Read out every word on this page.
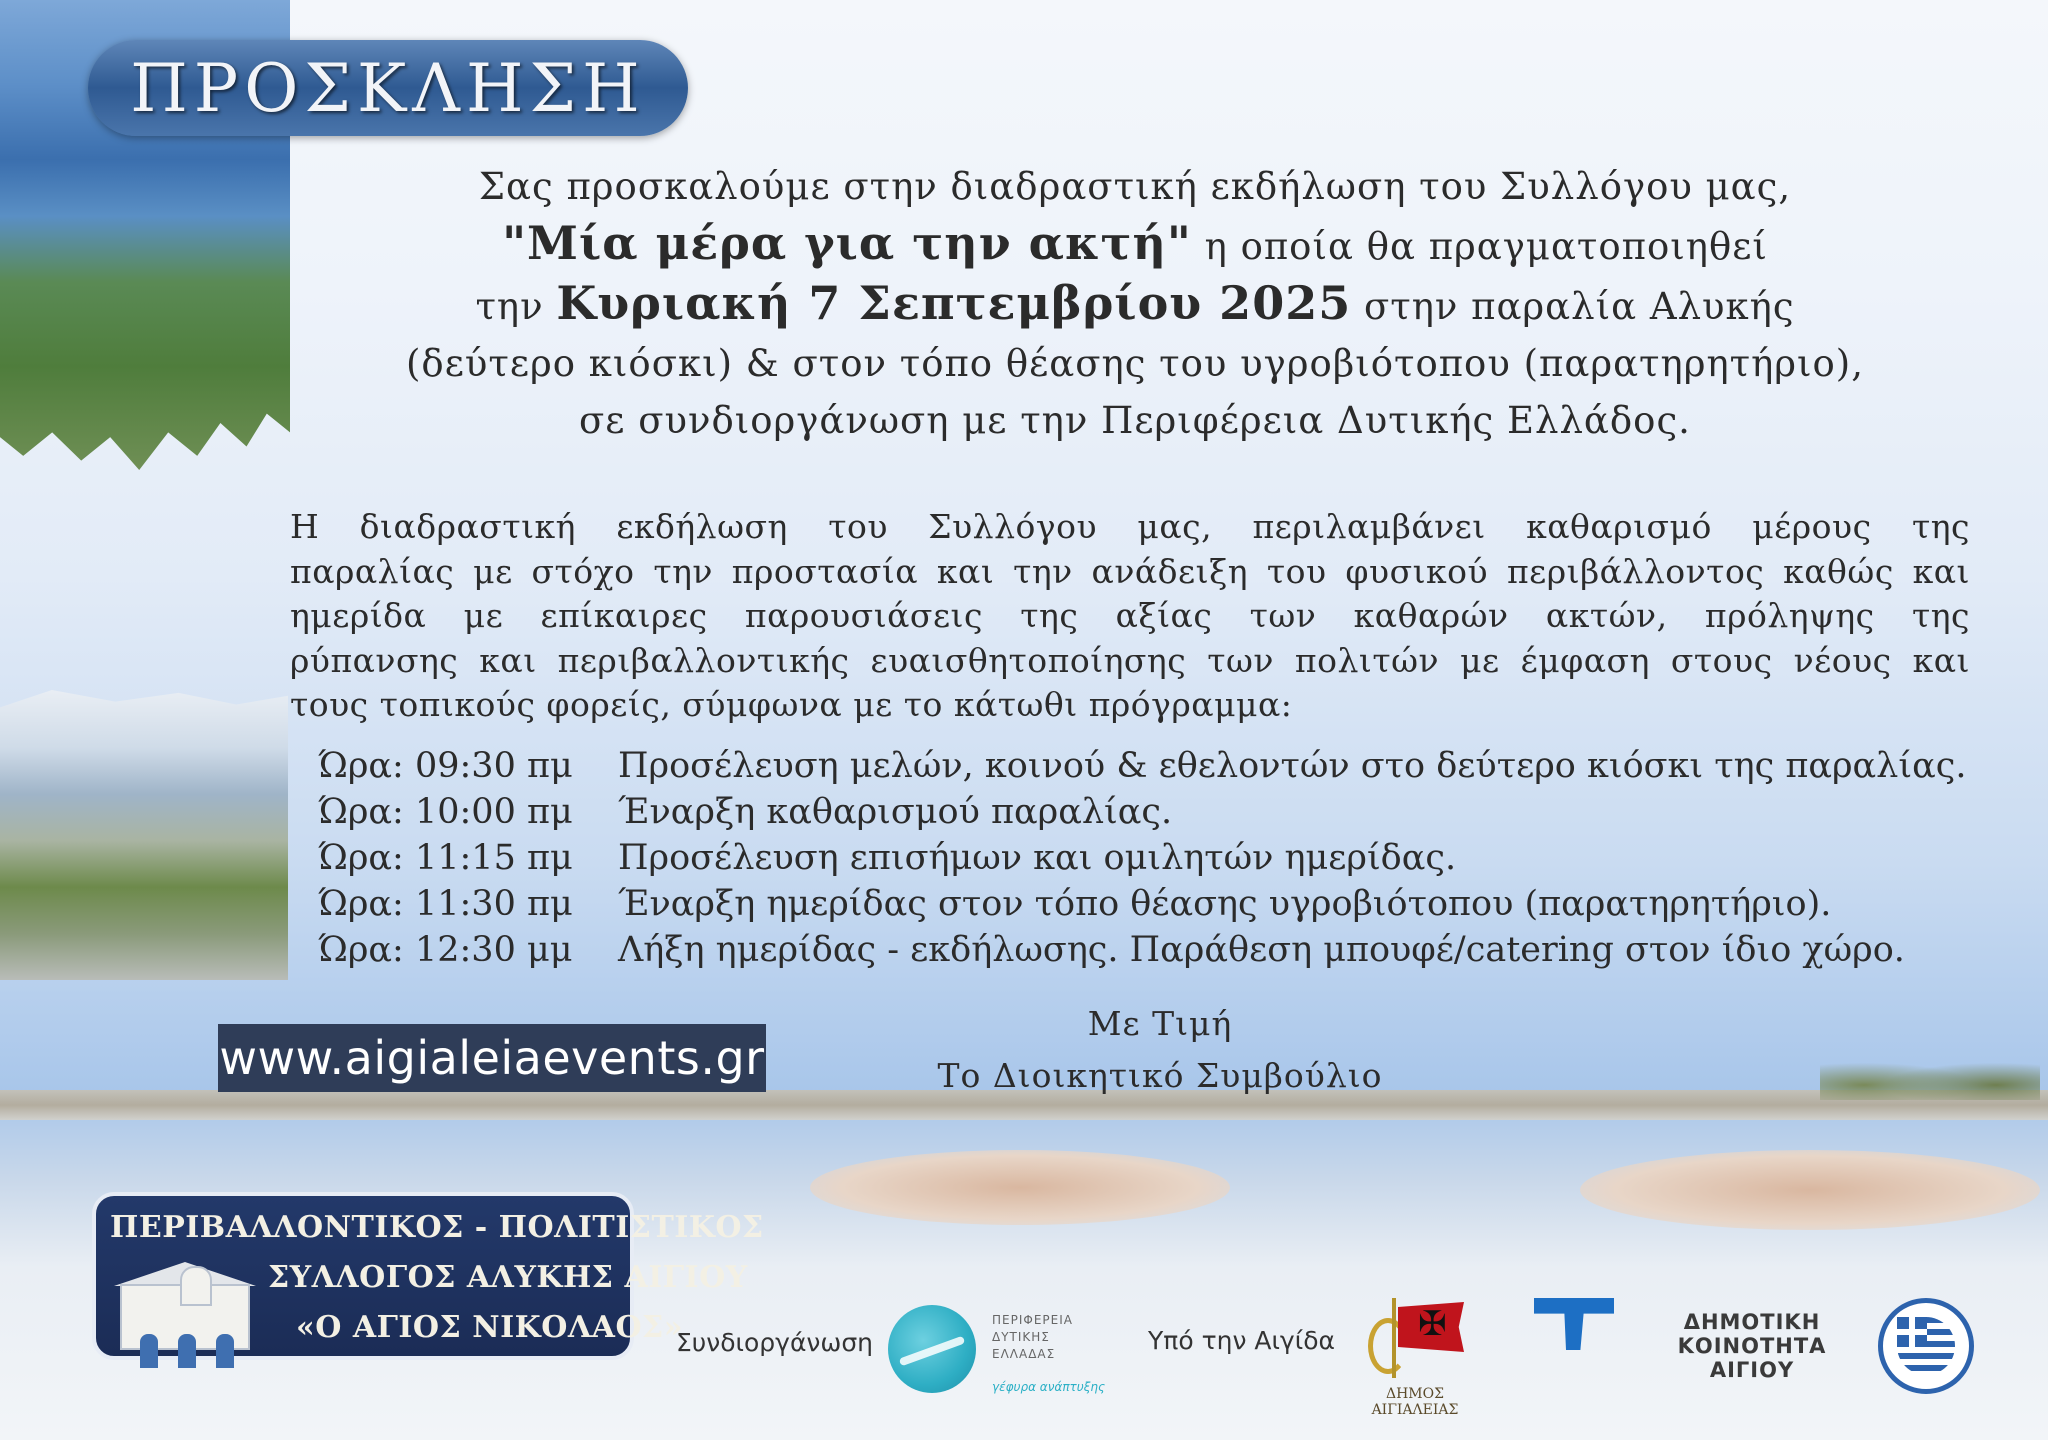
ΠΡΟΣΚΛΗΣΗ
Σας προσκαλούμε στην διαδραστική εκδήλωση του Συλλόγου μας,
"Μία μέρα για την ακτή" η οποία θα πραγματοποιηθεί
την Κυριακή 7 Σεπτεμβρίου 2025 στην παραλία Αλυκής
(δεύτερο κιόσκι) & στον τόπο θέασης του υγροβιότοπου (παρατηρητήριο),
σε συνδιοργάνωση με την Περιφέρεια Δυτικής Ελλάδος.
Η διαδραστική εκδήλωση του Συλλόγου μας, περιλαμβάνει καθαρισμό μέρους της
παραλίας με στόχο την προστασία και την ανάδειξη του φυσικού περιβάλλοντος καθώς και
ημερίδα με επίκαιρες παρουσιάσεις της αξίας των καθαρών ακτών, πρόληψης της
ρύπανσης και περιβαλλοντικής ευαισθητοποίησης των πολιτών με έμφαση στους νέους και
τους τοπικούς φορείς, σύμφωνα με το κάτωθι πρόγραμμα:
Ώρα: 09:30 πμ	Προσέλευση μελών, κοινού & εθελοντών στο δεύτερο κιόσκι της παραλίας.
Ώρα: 10:00 πμ	Έναρξη καθαρισμού παραλίας.
Ώρα: 11:15 πμ	Προσέλευση επισήμων και ομιλητών ημερίδας.
Ώρα: 11:30 πμ	Έναρξη ημερίδας στον τόπο θέασης υγροβιότοπου (παρατηρητήριο).
Ώρα: 12:30 μμ	Λήξη ημερίδας - εκδήλωσης. Παράθεση μπουφέ/catering στον ίδιο χώρο.
Με Τιμή
Το Διοικητικό Συμβούλιο
www.aigialeiaevents.gr
ΠΕΡΙΒΑΛΛΟΝΤΙΚΟΣ - ΠΟΛΙΤΙΣΤΙΚΟΣ
ΣΥΛΛΟΓΟΣ ΑΛΥΚΗΣ ΑΙΓΙΟΥ
«Ο ΑΓΙΟΣ ΝΙΚΟΛΑΟΣ»
Συνδιοργάνωση
ΠΕΡΙΦΕΡΕΙΑ
ΔΥΤΙΚΗΣ
ΕΛΛΑΔΑΣ
γέφυρα ανάπτυξης
Υπό την Αιγίδα
✠
ΔΗΜΟΣ
ΑΙΓΙΑΛΕΙΑΣ
ΔΗΜΟΤΙΚΗ
ΚΟΙΝΟΤΗΤΑ
ΑΙΓΙΟΥ
